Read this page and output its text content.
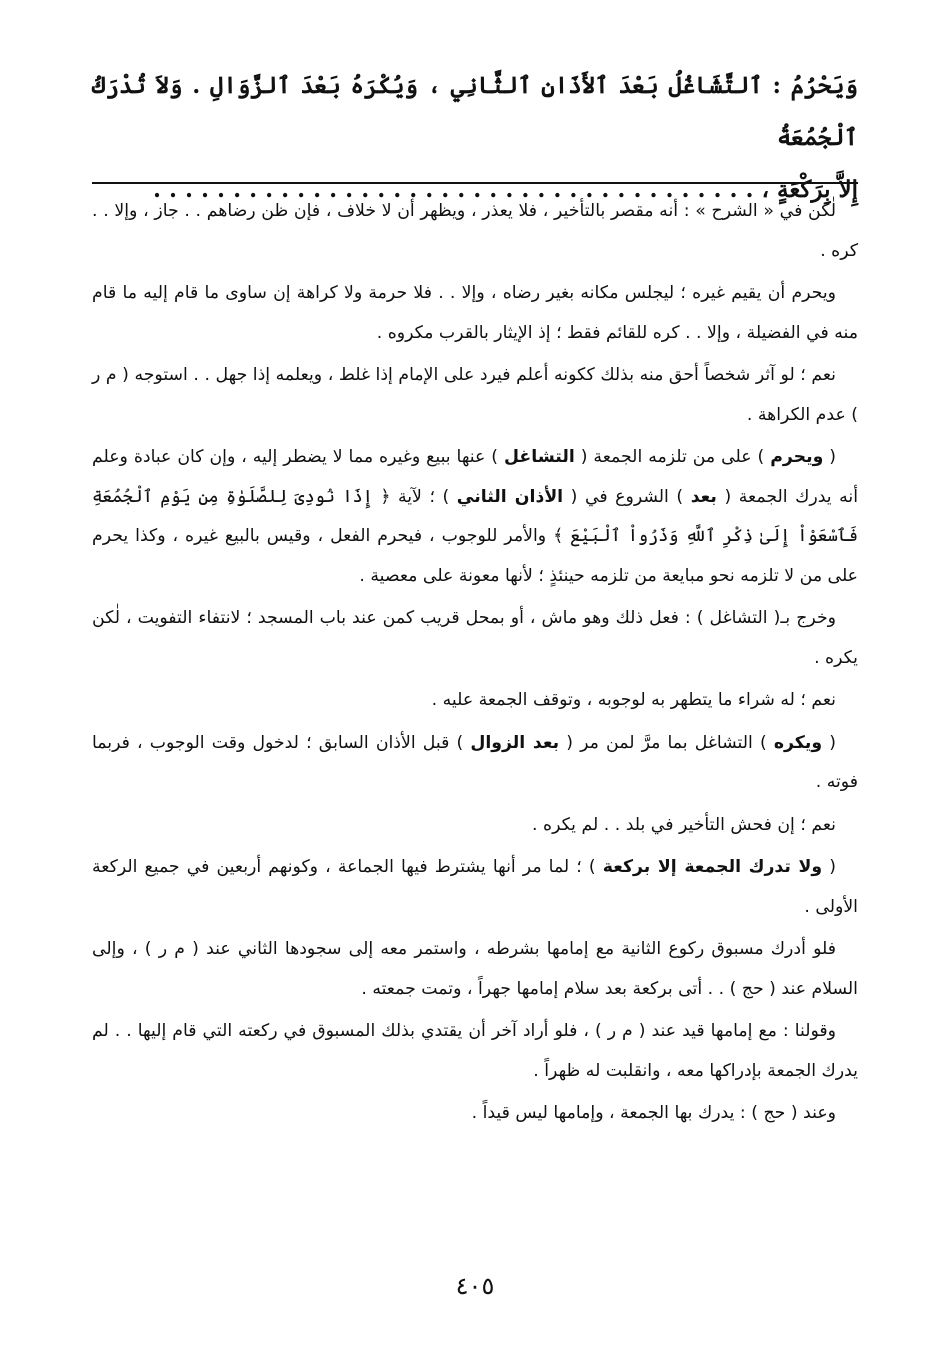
وَيَحْرُمُ : ٱلتَّشَاغُلُ بَعْدَ ٱلأَذَانِ ٱلثَّانِي ، وَيُكْرَهُ بَعْدَ ٱلزَّوَالِ . وَلاَ تُدْرَكُ ٱلْجُمُعَةُ
إِلاَّ بِرَكْعَةٍ ، . . . . . . . . . . . . . . . . . . . . . . . . . . . . . . . . . . . . . .

لٰكن في « الشرح » : أنه مقصر بالتأخير ، فلا يعذر ، ويظهر أن لا خلاف ، فإن ظن رضاهم . . جاز ، وإلا . . كره .

ويحرم أن يقيم غيره ؛ ليجلس مكانه بغير رضاه ، وإلا . . فلا حرمة ولا كراهة إن ساوى ما قام إليه ما قام منه في الفضيلة ، وإلا . . كره للقائم فقط ؛ إذ الإيثار بالقرب مكروه .

نعم ؛ لو آثر شخصاً أحق منه بذلك ككونه أعلم فيرد على الإمام إذا غلط ، ويعلمه إذا جهل . . استوجه ( م ر ) عدم الكراهة .

( ويحرم ) على من تلزمه الجمعة ( التشاغل ) عنها ببيع وغيره مما لا يضطر إليه ، وإن كان عبادة وعلم أنه يدرك الجمعة ( بعد ) الشروع في ( الأذان الثاني ) ؛ لآية ﴿ إِذَا نُودِىَ لِلصَّلَوٰةِ مِن يَوْمِ ٱلْجُمُعَةِ فَٱسْعَوْاْ إِلَىٰ ذِكْرِ ٱللَّهِ وَذَرُواْ ٱلْبَيْعَ ﴾ والأمر للوجوب ، فيحرم الفعل ، وقيس بالبيع غيره ، وكذا يحرم على من لا تلزمه نحو مبايعة من تلزمه حينئذٍ ؛ لأنها معونة على معصية .

وخرج بـ( التشاغل ) : فعل ذلك وهو ماش ، أو بمحل قريب كمن عند باب المسجد ؛ لانتفاء التفويت ، لٰكن يكره .

نعم ؛ له شراء ما يتطهر به لوجوبه ، وتوقف الجمعة عليه .

( ويكره ) التشاغل بما مرَّ لمن مر ( بعد الزوال ) قبل الأذان السابق ؛ لدخول وقت الوجوب ، فربما فوته .

نعم ؛ إن فحش التأخير في بلد . . لم يكره .

( ولا تدرك الجمعة إلا بركعة ) ؛ لما مر أنها يشترط فيها الجماعة ، وكونهم أربعين في جميع الركعة الأولى .

فلو أدرك مسبوق ركوع الثانية مع إمامها بشرطه ، واستمر معه إلى سجودها الثاني عند ( م ر ) ، وإلى السلام عند ( حج ) . . أتى بركعة بعد سلام إمامها جهراً ، وتمت جمعته .

وقولنا : مع إمامها قيد عند ( م ر ) ، فلو أراد آخر أن يقتدي بذلك المسبوق في ركعته التي قام إليها . . لم يدرك الجمعة بإدراكها معه ، وانقلبت له ظهراً .

وعند ( حج ) : يدرك بها الجمعة ، وإمامها ليس قيداً .

٤٠٥
